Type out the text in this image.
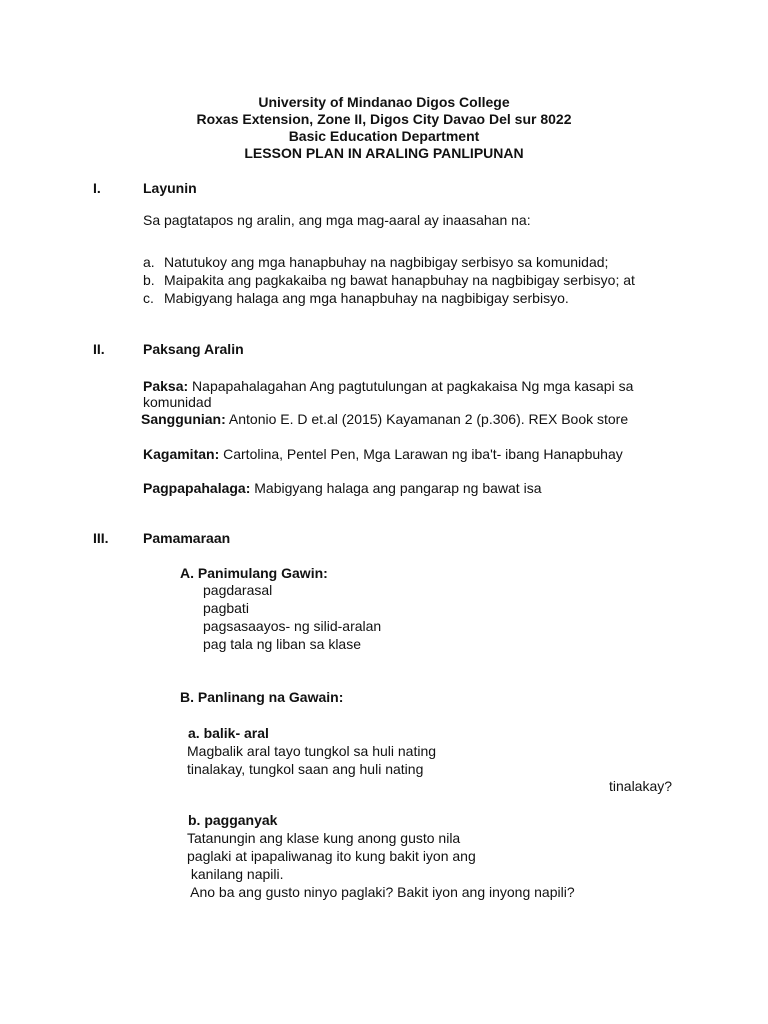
University of Mindanao Digos College
Roxas Extension, Zone II, Digos City Davao Del sur 8022
Basic Education Department
LESSON PLAN IN ARALING PANLIPUNAN
I.	Layunin
Sa pagtatapos ng aralin, ang mga mag-aaral ay inaasahan na:
a. Natutukoy ang mga hanapbuhay na nagbibigay serbisyo sa komunidad;
b. Maipakita ang pagkakaiba ng bawat hanapbuhay na nagbibigay serbisyo; at
c. Mabigyang halaga ang mga hanapbuhay na nagbibigay serbisyo.
II.	Paksang Aralin
Paksa: Napapahalagahan Ang pagtutulungan at pagkakaisa Ng mga kasapi sa
komunidad
Sanggunian: Antonio E. D et.al (2015) Kayamanan 2 (p.306). REX Book store
Kagamitan: Cartolina, Pentel Pen, Mga Larawan ng iba't- ibang Hanapbuhay
Pagpapahalaga: Mabigyang halaga ang pangarap ng bawat isa
III. Pamamaraan
A. Panimulang Gawin:
pagdarasal
pagbati
pagsasaayos- ng silid-aralan
pag tala ng liban sa klase
B. Panlinang na Gawain:
a. balik- aral
Magbalik aral tayo tungkol sa huli nating
tinalakay, tungkol saan ang huli nating
tinalakay?
b. pagganyak
Tatanungin ang klase kung anong gusto nila
paglaki at ipapaliwanag ito kung bakit iyon ang
kanilang napili.
Ano ba ang gusto ninyo paglaki? Bakit iyon ang inyong napili?
